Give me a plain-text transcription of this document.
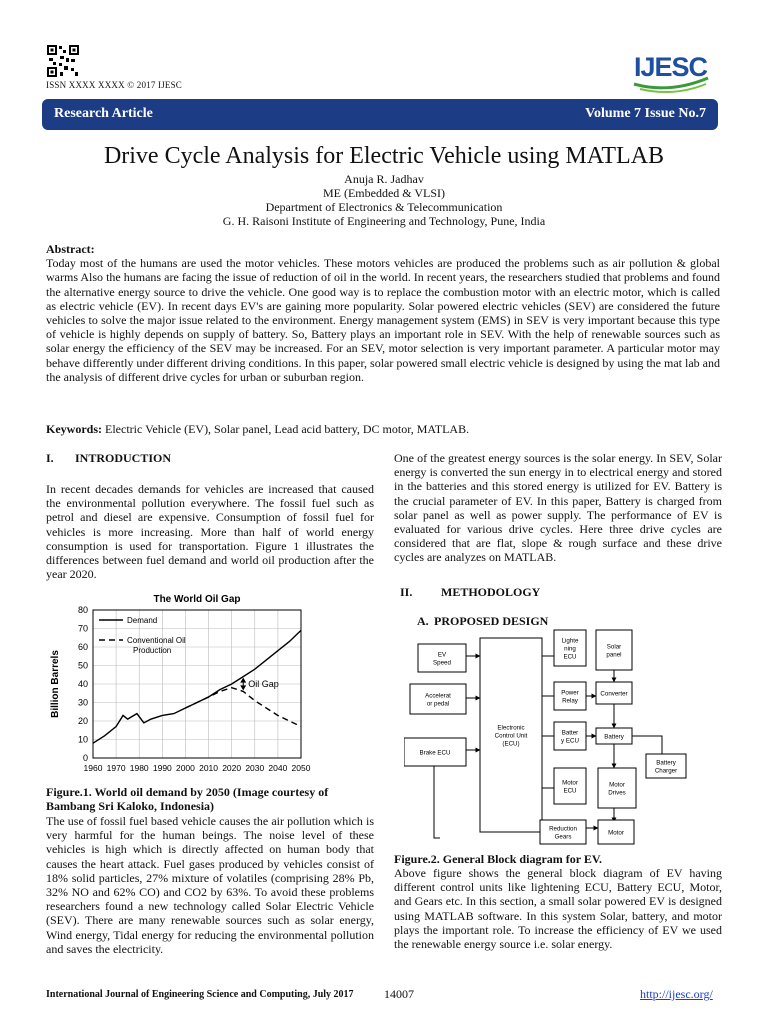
ISSN XXXX XXXX © 2017 IJESC
IJESC
Research Article	Volume 7 Issue No.7
Drive Cycle Analysis for Electric Vehicle using MATLAB
Anuja R. Jadhav
ME (Embedded & VLSI)
Department of Electronics & Telecommunication
G. H. Raisoni Institute of Engineering and Technology, Pune, India
Abstract:
Today most of the humans are used the motor vehicles. These motors vehicles are produced the problems such as air pollution & global warms Also the humans are facing the issue of reduction of oil in the world. In recent years, the researchers studied that problems and found the alternative energy source to drive the vehicle. One good way is to replace the combustion motor with an electric motor, which is called as electric vehicle (EV). In recent days EV's are gaining more popularity. Solar powered electric vehicles (SEV) are considered the future vehicles to solve the major issue related to the environment. Energy management system (EMS) in SEV is very important because this type of vehicle is highly depends on supply of battery. So, Battery plays an important role in SEV. With the help of renewable sources such as solar energy the efficiency of the SEV may be increased. For an SEV, motor selection is very important parameter. A particular motor may behave differently under different driving conditions. In this paper, solar powered small electric vehicle is designed by using the mat lab and the analysis of different drive cycles for urban or suburban region.
Keywords: Electric Vehicle (EV), Solar panel, Lead acid battery, DC motor, MATLAB.
I. INTRODUCTION
In recent decades demands for vehicles are increased that caused the environmental pollution everywhere. The fossil fuel such as petrol and diesel are expensive. Consumption of fossil fuel for vehicles is more increasing. More than half of world energy consumption is used for transportation. Figure 1 illustrates the differences between fuel demand and world oil production after the year 2020.
The World Oil Gap
0
10
20
30
40
50
60
70
80
1960 1970 1980 1990 2000 2010 2020 2030 2040 2050
Billion Barrels
Demand
Conventional Oil
Production
Oil Gap
Figure.1. World oil demand by 2050 (Image courtesy of Bambang Sri Kaloko, Indonesia)
The use of fossil fuel based vehicle causes the air pollution which is very harmful for the human beings. The noise level of these vehicles is high which is directly affected on human body that causes the heart attack. Fuel gases produced by vehicles consist of 18% solid particles, 27% mixture of volatiles (comprising 28% Pb, 32% NO and 62% CO) and CO2 by 63%. To avoid these problems researchers found a new technology called Solar Electric Vehicle (SEV). There are many renewable sources such as solar energy, Wind energy, Tidal energy for reducing the environmental pollution and saves the electricity.
One of the greatest energy sources is the solar energy. In SEV, Solar energy is converted the sun energy in to electrical energy and stored in the batteries and this stored energy is utilized for EV. Battery is the crucial parameter of EV. In this paper, Battery is charged from solar panel as well as power supply. The performance of EV is evaluated for various drive cycles. Here three drive cycles are considered that are flat, slope & rough surface and these drive cycles are analyzes on MATLAB.
II. METHODOLOGY
A. PROPOSED DESIGN
EV
Speed
Accelerat
or pedal
Brake ECU
Electronic
Control Unit
(ECU)
Lighte
ning
ECU
Power
Relay
Batter
y ECU
Motor
ECU
Reduction
Gears
Solar
panel
Converter
Battery
Battery
Charger
Motor
Drives
Motor
Figure.2. General Block diagram for EV.
Above figure shows the general block diagram of EV having different control units like lightening ECU, Battery ECU, Motor, and Gears etc. In this section, a small solar powered EV is designed using MATLAB software. In this system Solar, battery, and motor plays the important role. To increase the efficiency of EV we used the renewable energy source i.e. solar energy.
International Journal of Engineering Science and Computing, July 2017	14007	http://ijesc.org/
